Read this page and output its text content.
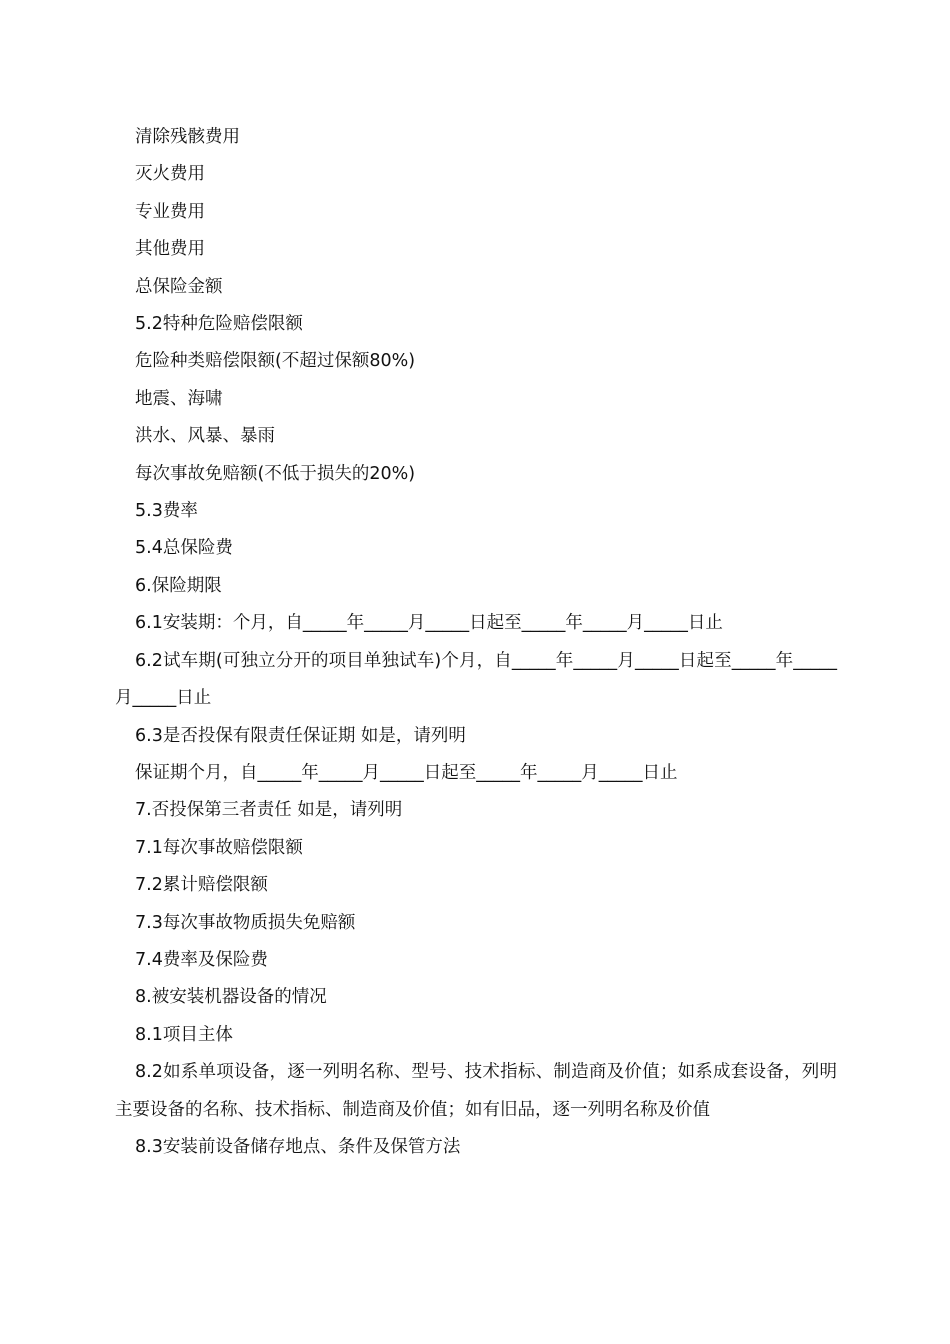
清除残骸费用

灭火费用

专业费用

其他费用

总保险金额

5.2特种危险赔偿限额

危险种类赔偿限额(不超过保额80%)

地震、海啸

洪水、风暴、暴雨

每次事故免赔额(不低于损失的20%)

5.3费率

5.4总保险费

6.保险期限

6.1安装期：个月，自_____年_____月_____日起至_____年_____月_____日止

6.2试车期(可独立分开的项目单独试车)个月，自_____年_____月_____日起至_____年_____月_____日止

6.3是否投保有限责任保证期 如是，请列明

保证期个月，自_____年_____月_____日起至_____年_____月_____日止

7.否投保第三者责任 如是，请列明

7.1每次事故赔偿限额

7.2累计赔偿限额

7.3每次事故物质损失免赔额

7.4费率及保险费

8.被安装机器设备的情况

8.1项目主体

8.2如系单项设备，逐一列明名称、型号、技术指标、制造商及价值；如系成套设备，列明主要设备的名称、技术指标、制造商及价值；如有旧品，逐一列明名称及价值

8.3安装前设备储存地点、条件及保管方法
